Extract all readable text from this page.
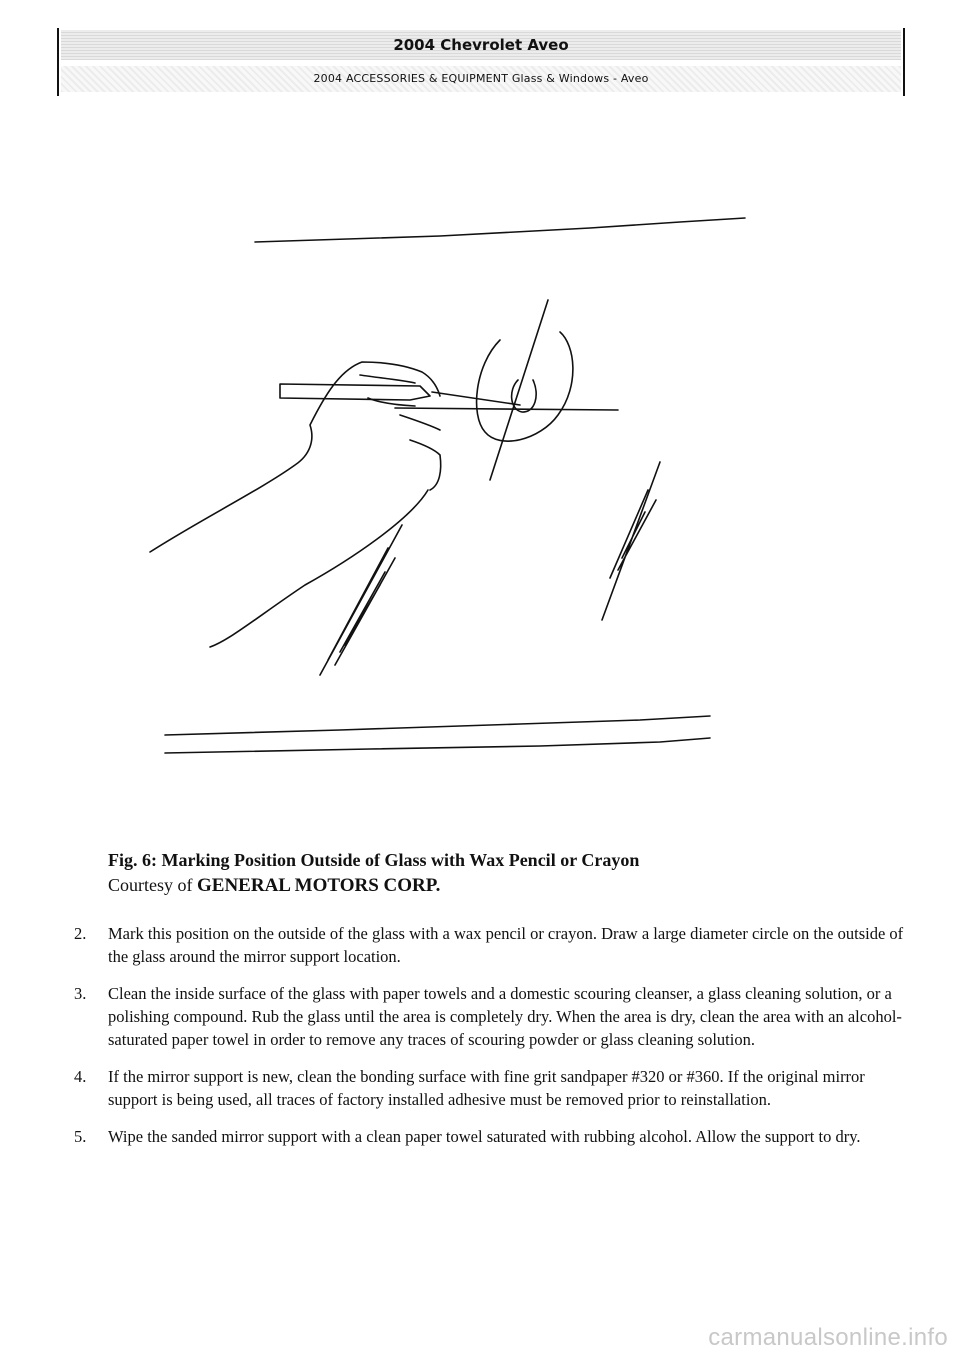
2004 Chevrolet Aveo
2004 ACCESSORIES & EQUIPMENT Glass & Windows - Aveo
Fig. 6: Marking Position Outside of Glass with Wax Pencil or Crayon
Courtesy of GENERAL MOTORS CORP.
2. Mark this position on the outside of the glass with a wax pencil or crayon. Draw a large diameter circle on the outside of the glass around the mirror support location.
3. Clean the inside surface of the glass with paper towels and a domestic scouring cleanser, a glass cleaning solution, or a polishing compound. Rub the glass until the area is completely dry. When the area is dry, clean the area with an alcohol-saturated paper towel in order to remove any traces of scouring powder or glass cleaning solution.
4. If the mirror support is new, clean the bonding surface with fine grit sandpaper #320 or #360. If the original mirror support is being used, all traces of factory installed adhesive must be removed prior to reinstallation.
5. Wipe the sanded mirror support with a clean paper towel saturated with rubbing alcohol. Allow the support to dry.
carmanualsonline.info
